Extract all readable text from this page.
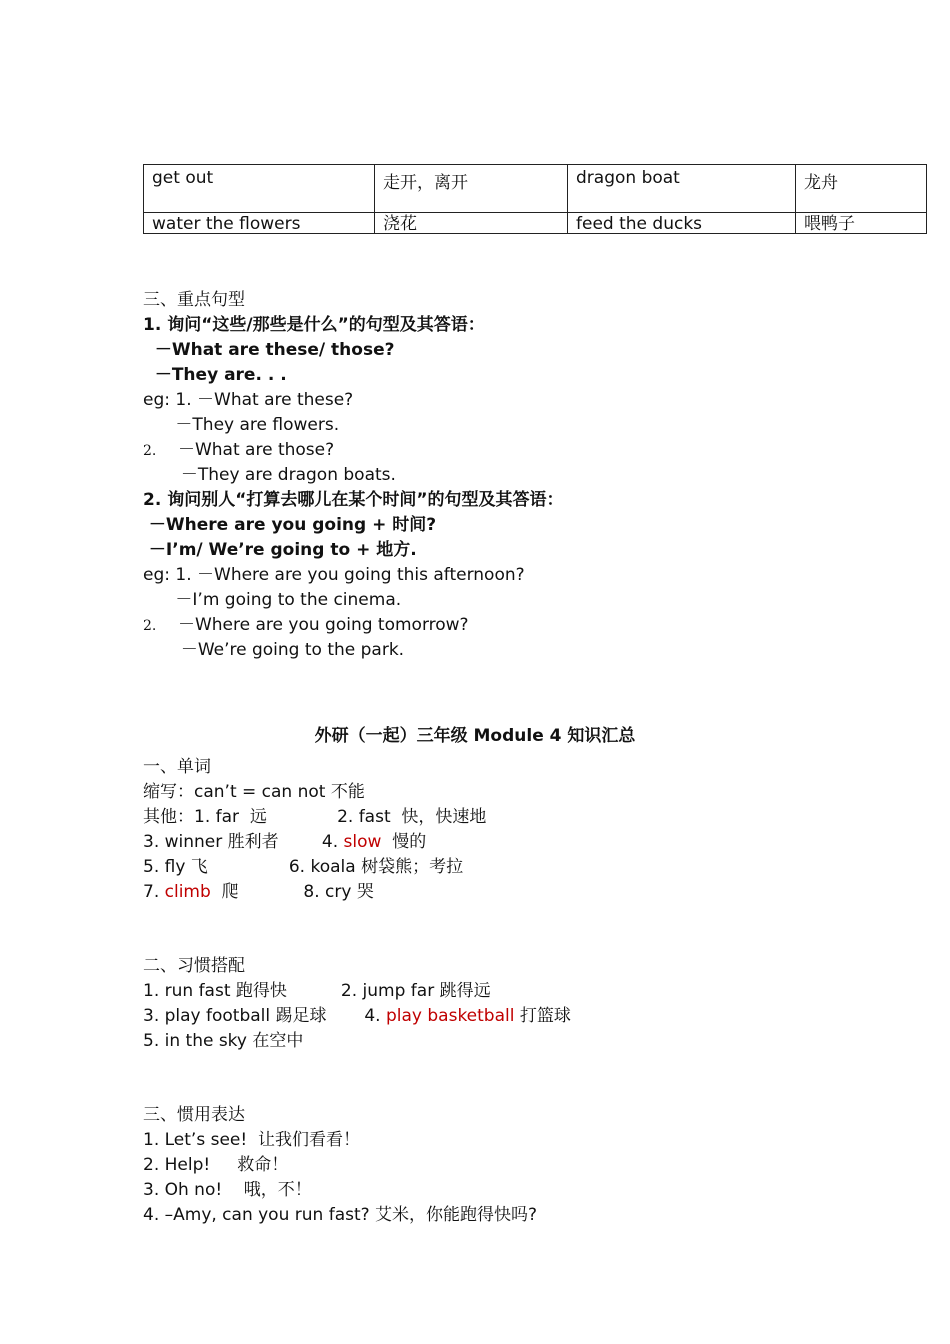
get out	走开，离开	dragon boat	龙舟
water the flowers	浇花	feed the ducks	喂鸭子
三、重点句型
1. 询问“这些/那些是什么”的句型及其答语：
－What are these/ those?
－They are. . .
eg: 1. －What are these?
－They are flowers.
2.    －What are those?
－They are dragon boats.
2. 询问别人“打算去哪儿在某个时间”的句型及其答语：
－Where are you going + 时间?
－I’m/ We’re going to + 地方.
eg: 1. －Where are you going this afternoon?
－I’m going to the cinema.
2.    －Where are you going tomorrow?
－We’re going to the park.
外研（一起）三年级 Module 4 知识汇总
一、单词
缩写：can’t = can not 不能
其他：1. far  远             2. fast  快，快速地
3. winner 胜利者        4. slow  慢的
5. fly 飞               6. koala 树袋熊；考拉
7. climb  爬            8. cry 哭
二、习惯搭配
1. run fast 跑得快          2. jump far 跳得远
3. play football 踢足球       4. play basketball 打篮球
5. in the sky 在空中
三、惯用表达
1. Let’s see!  让我们看看！
2. Help!     救命！
3. Oh no!    哦，不！
4. –Amy, can you run fast? 艾米，你能跑得快吗?
